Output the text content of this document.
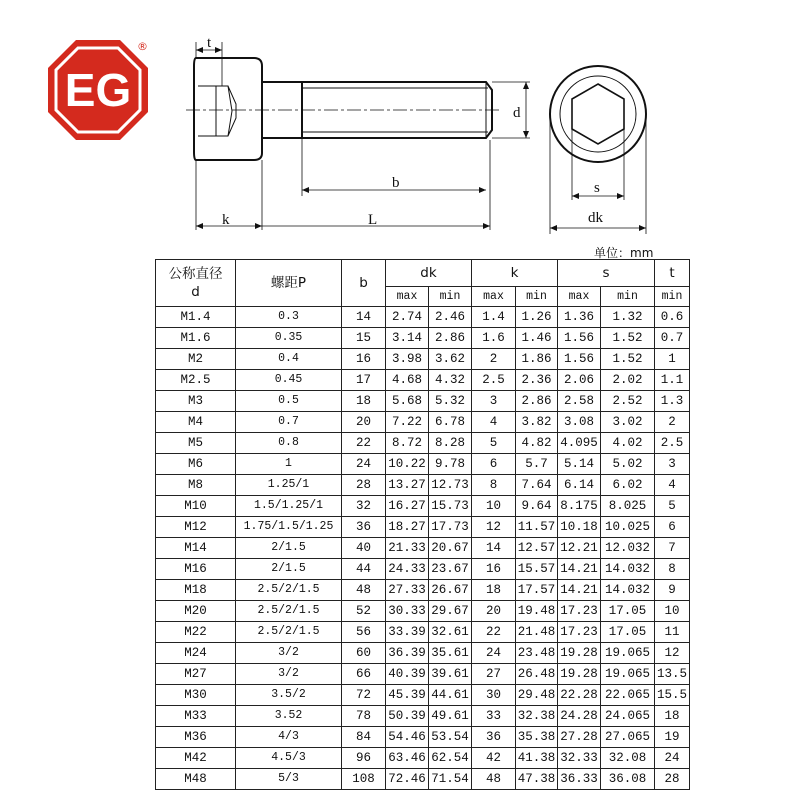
EG
®	t
k	L
b
d
s
dk
单位：mm
公称直径
d	螺距P	b	dk		k		s		t
			max	min	max	min	max	min	min
M1.4	0.3	14	2.74	2.46	1.4	1.26	1.36	1.32	0.6
M1.6	0.35	15	3.14	2.86	1.6	1.46	1.56	1.52	0.7
M2	0.4	16	3.98	3.62	2	1.86	1.56	1.52	1
M2.5	0.45	17	4.68	4.32	2.5	2.36	2.06	2.02	1.1
M3	0.5	18	5.68	5.32	3	2.86	2.58	2.52	1.3
M4	0.7	20	7.22	6.78	4	3.82	3.08	3.02	2
M5	0.8	22	8.72	8.28	5	4.82	4.095	4.02	2.5
M6	1	24	10.22	9.78	6	5.7	5.14	5.02	3
M8	1.25/1	28	13.27	12.73	8	7.64	6.14	6.02	4
M10	1.5/1.25/1	32	16.27	15.73	10	9.64	8.175	8.025	5
M12	1.75/1.5/1.25	36	18.27	17.73	12	11.57	10.18	10.025	6
M14	2/1.5	40	21.33	20.67	14	12.57	12.21	12.032	7
M16	2/1.5	44	24.33	23.67	16	15.57	14.21	14.032	8
M18	2.5/2/1.5	48	27.33	26.67	18	17.57	14.21	14.032	9
M20	2.5/2/1.5	52	30.33	29.67	20	19.48	17.23	17.05	10
M22	2.5/2/1.5	56	33.39	32.61	22	21.48	17.23	17.05	11
M24	3/2	60	36.39	35.61	24	23.48	19.28	19.065	12
M27	3/2	66	40.39	39.61	27	26.48	19.28	19.065	13.5
M30	3.5/2	72	45.39	44.61	30	29.48	22.28	22.065	15.5
M33	3.52	78	50.39	49.61	33	32.38	24.28	24.065	18
M36	4/3	84	54.46	53.54	36	35.38	27.28	27.065	19
M42	4.5/3	96	63.46	62.54	42	41.38	32.33	32.08	24
M48	5/3	108	72.46	71.54	48	47.38	36.33	36.08	28
